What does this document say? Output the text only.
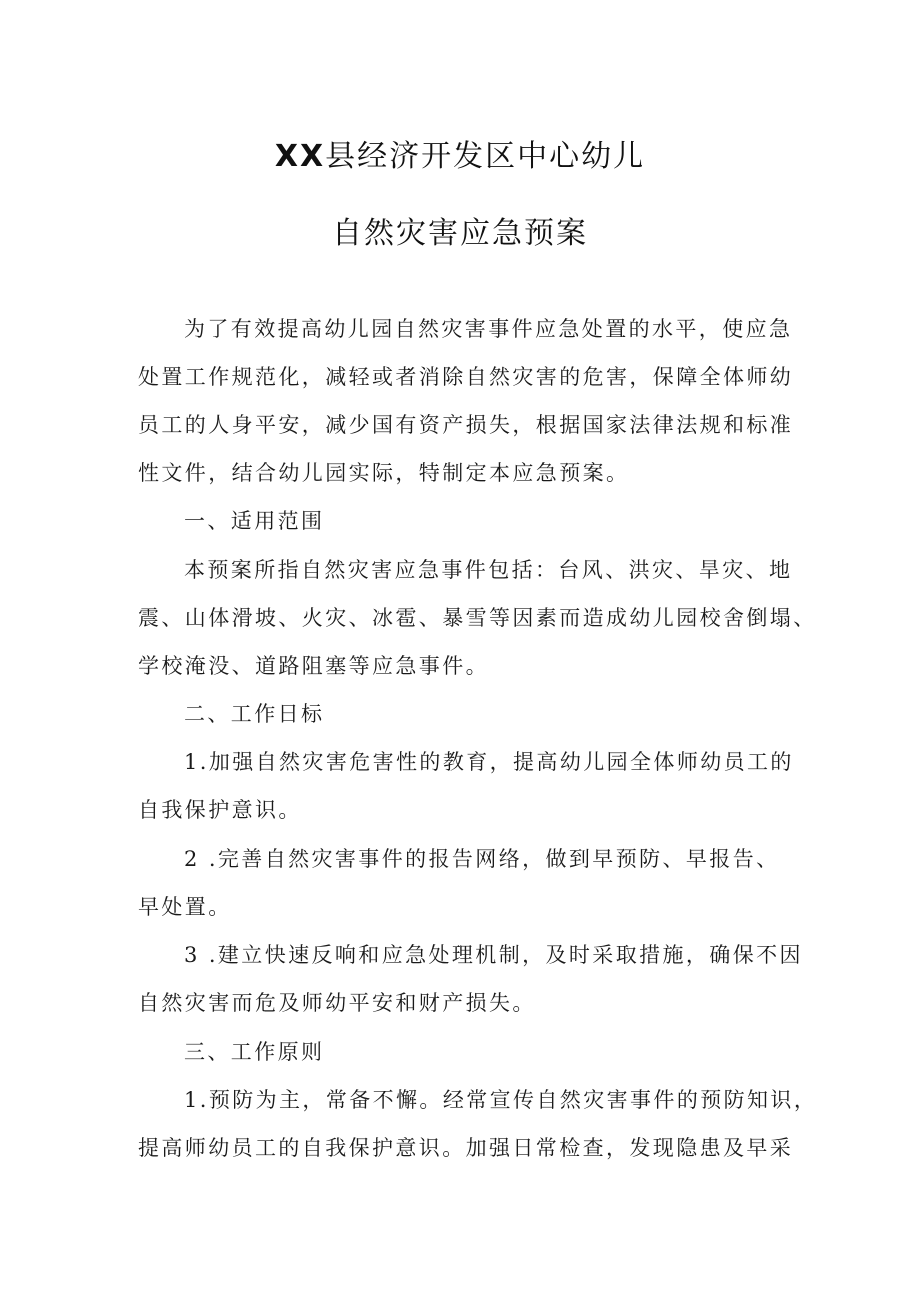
XX县经济开发区中心幼儿
自然灾害应急预案
为了有效提高幼儿园自然灾害事件应急处置的水平，使应急
处置工作规范化，减轻或者消除自然灾害的危害，保障全体师幼
员工的人身平安，减少国有资产损失，根据国家法律法规和标准
性文件，结合幼儿园实际，特制定本应急预案。
一、适用范围
本预案所指自然灾害应急事件包括：台风、洪灾、旱灾、地
震、山体滑坡、火灾、冰雹、暴雪等因素而造成幼儿园校舍倒塌、
学校淹没、道路阻塞等应急事件。
二、工作日标
1.加强自然灾害危害性的教育，提高幼儿园全体师幼员工的
自我保护意识。
2 .完善自然灾害事件的报告网络，做到早预防、早报告、
早处置。
3 .建立快速反响和应急处理机制，及时采取措施，确保不因
自然灾害而危及师幼平安和财产损失。
三、工作原则
1.预防为主，常备不懈。经常宣传自然灾害事件的预防知识，
提高师幼员工的自我保护意识。加强日常检查，发现隐患及早采
